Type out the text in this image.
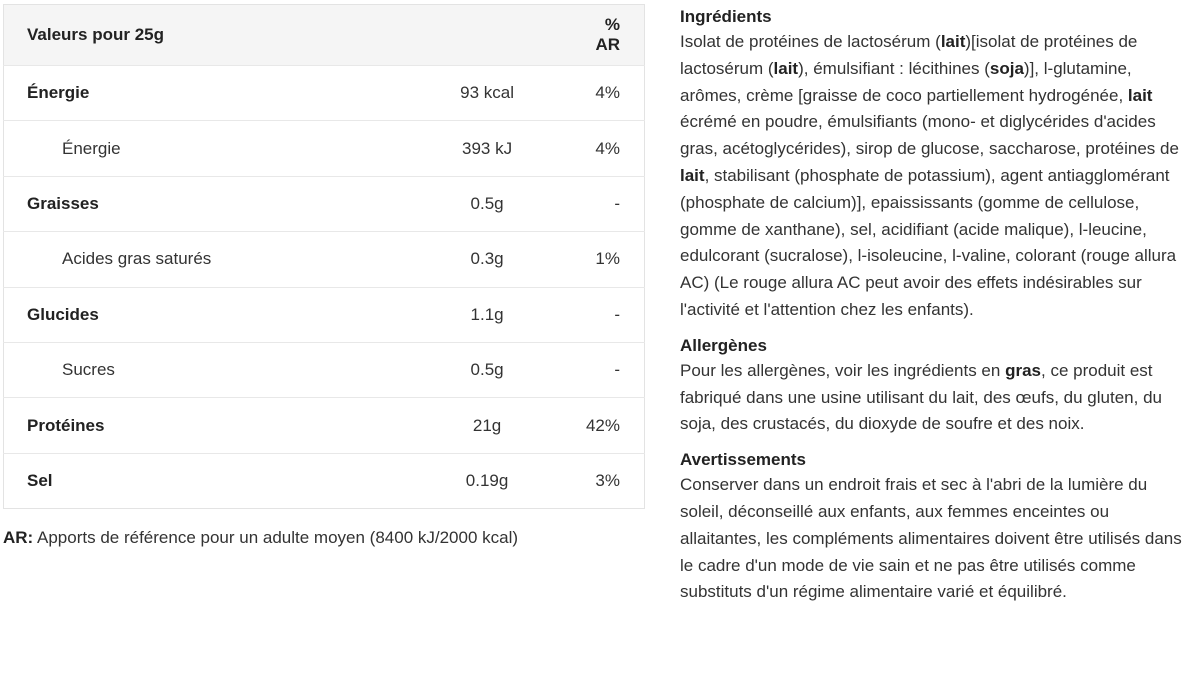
Valeurs pour 25g		% AR
Énergie	93 kcal	4%
Énergie	393 kJ	4%
Graisses	0.5g	-
Acides gras saturés	0.3g	1%
Glucides	1.1g	-
Sucres	0.5g	-
Protéines	21g	42%
Sel	0.19g	3%
AR: Apports de référence pour un adulte moyen (8400 kJ/2000 kcal)
Ingrédients

Isolat de protéines de lactosérum (lait)[isolat de protéines de lactosérum (lait), émulsifiant : lécithines (soja)], l-glutamine, arômes, crème [graisse de coco partiellement hydrogénée, lait écrémé en poudre, émulsifiants (mono- et diglycérides d'acides gras, acétoglycérides), sirop de glucose, saccharose, protéines de lait, stabilisant (phosphate de potassium), agent antiagglomérant (phosphate de calcium)], epaississants (gomme de cellulose, gomme de xanthane), sel, acidifiant (acide malique), l-leucine, edulcorant (sucralose), l-isoleucine, l-valine, colorant (rouge allura AC) (Le rouge allura AC peut avoir des effets indésirables sur l'activité et l'attention chez les enfants).

Allergènes

Pour les allergènes, voir les ingrédients en gras, ce produit est fabriqué dans une usine utilisant du lait, des œufs, du gluten, du soja, des crustacés, du dioxyde de soufre et des noix.

Avertissements

Conserver dans un endroit frais et sec à l'abri de la lumière du soleil, déconseillé aux enfants, aux femmes enceintes ou allaitantes, les compléments alimentaires doivent être utilisés dans le cadre d'un mode de vie sain et ne pas être utilisés comme substituts d'un régime alimentaire varié et équilibré.
